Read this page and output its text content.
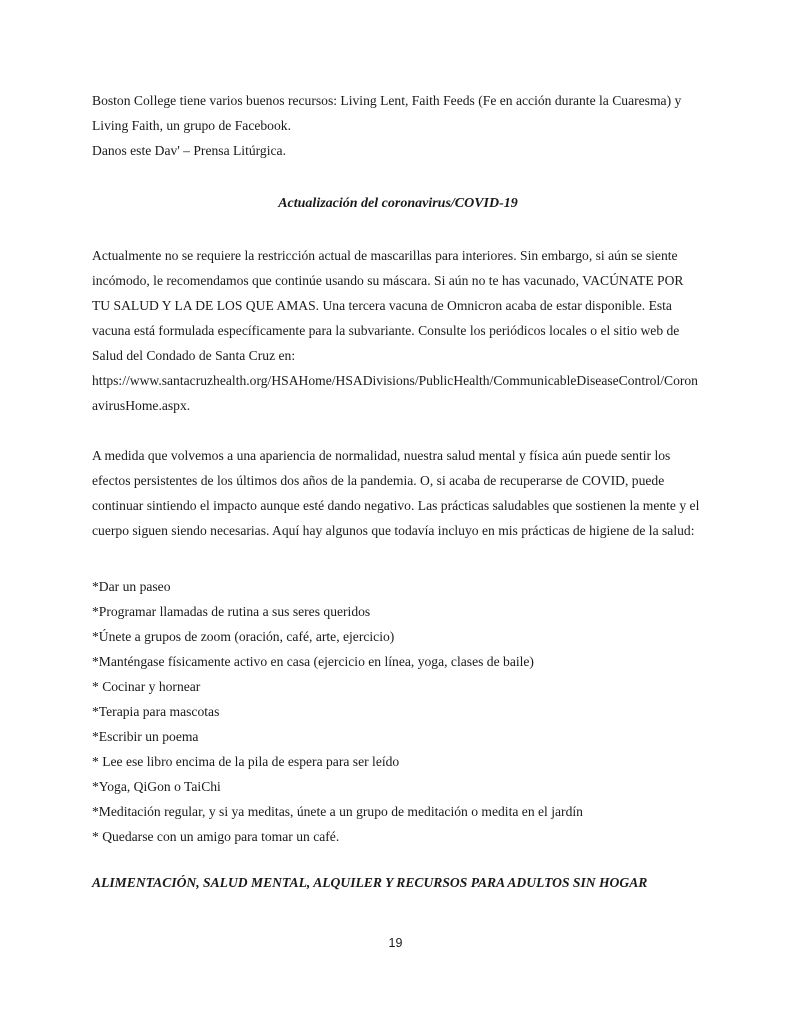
Boston College tiene varios buenos recursos: Living Lent, Faith Feeds (Fe en acción durante la Cuaresma) y Living Faith, un grupo de Facebook.

Danos este Dav' – Prensa Litúrgica.

Actualización del coronavirus/COVID-19

Actualmente no se requiere la restricción actual de mascarillas para interiores. Sin embargo, si aún se siente incómodo, le recomendamos que continúe usando su máscara. Si aún no te has vacunado, VACÚNATE POR TU SALUD Y LA DE LOS QUE AMAS. Una tercera vacuna de Omnicron acaba de estar disponible. Esta vacuna está formulada específicamente para la subvariante. Consulte los periódicos locales o el sitio web de Salud del Condado de Santa Cruz en: https://www.santacruzhealth.org/HSAHome/HSADivisions/PublicHealth/CommunicableDiseaseControl/CoronavirusHome.aspx.

A medida que volvemos a una apariencia de normalidad, nuestra salud mental y física aún puede sentir los efectos persistentes de los últimos dos años de la pandemia. O, si acaba de recuperarse de COVID, puede continuar sintiendo el impacto aunque esté dando negativo. Las prácticas saludables que sostienen la mente y el cuerpo siguen siendo necesarias. Aquí hay algunos que todavía incluyo en mis prácticas de higiene de la salud:

*Dar un paseo

*Programar llamadas de rutina a sus seres queridos

*Únete a grupos de zoom (oración, café, arte, ejercicio)

*Manténgase físicamente activo en casa (ejercicio en línea, yoga, clases de baile)

* Cocinar y hornear

*Terapia para mascotas

*Escribir un poema

* Lee ese libro encima de la pila de espera para ser leído

*Yoga, QiGon o TaiChi

*Meditación regular, y si ya meditas, únete a un grupo de meditación o medita en el jardín

* Quedarse con un amigo para tomar un café.

ALIMENTACIÓN, SALUD MENTAL, ALQUILER Y RECURSOS PARA ADULTOS SIN HOGAR
19
